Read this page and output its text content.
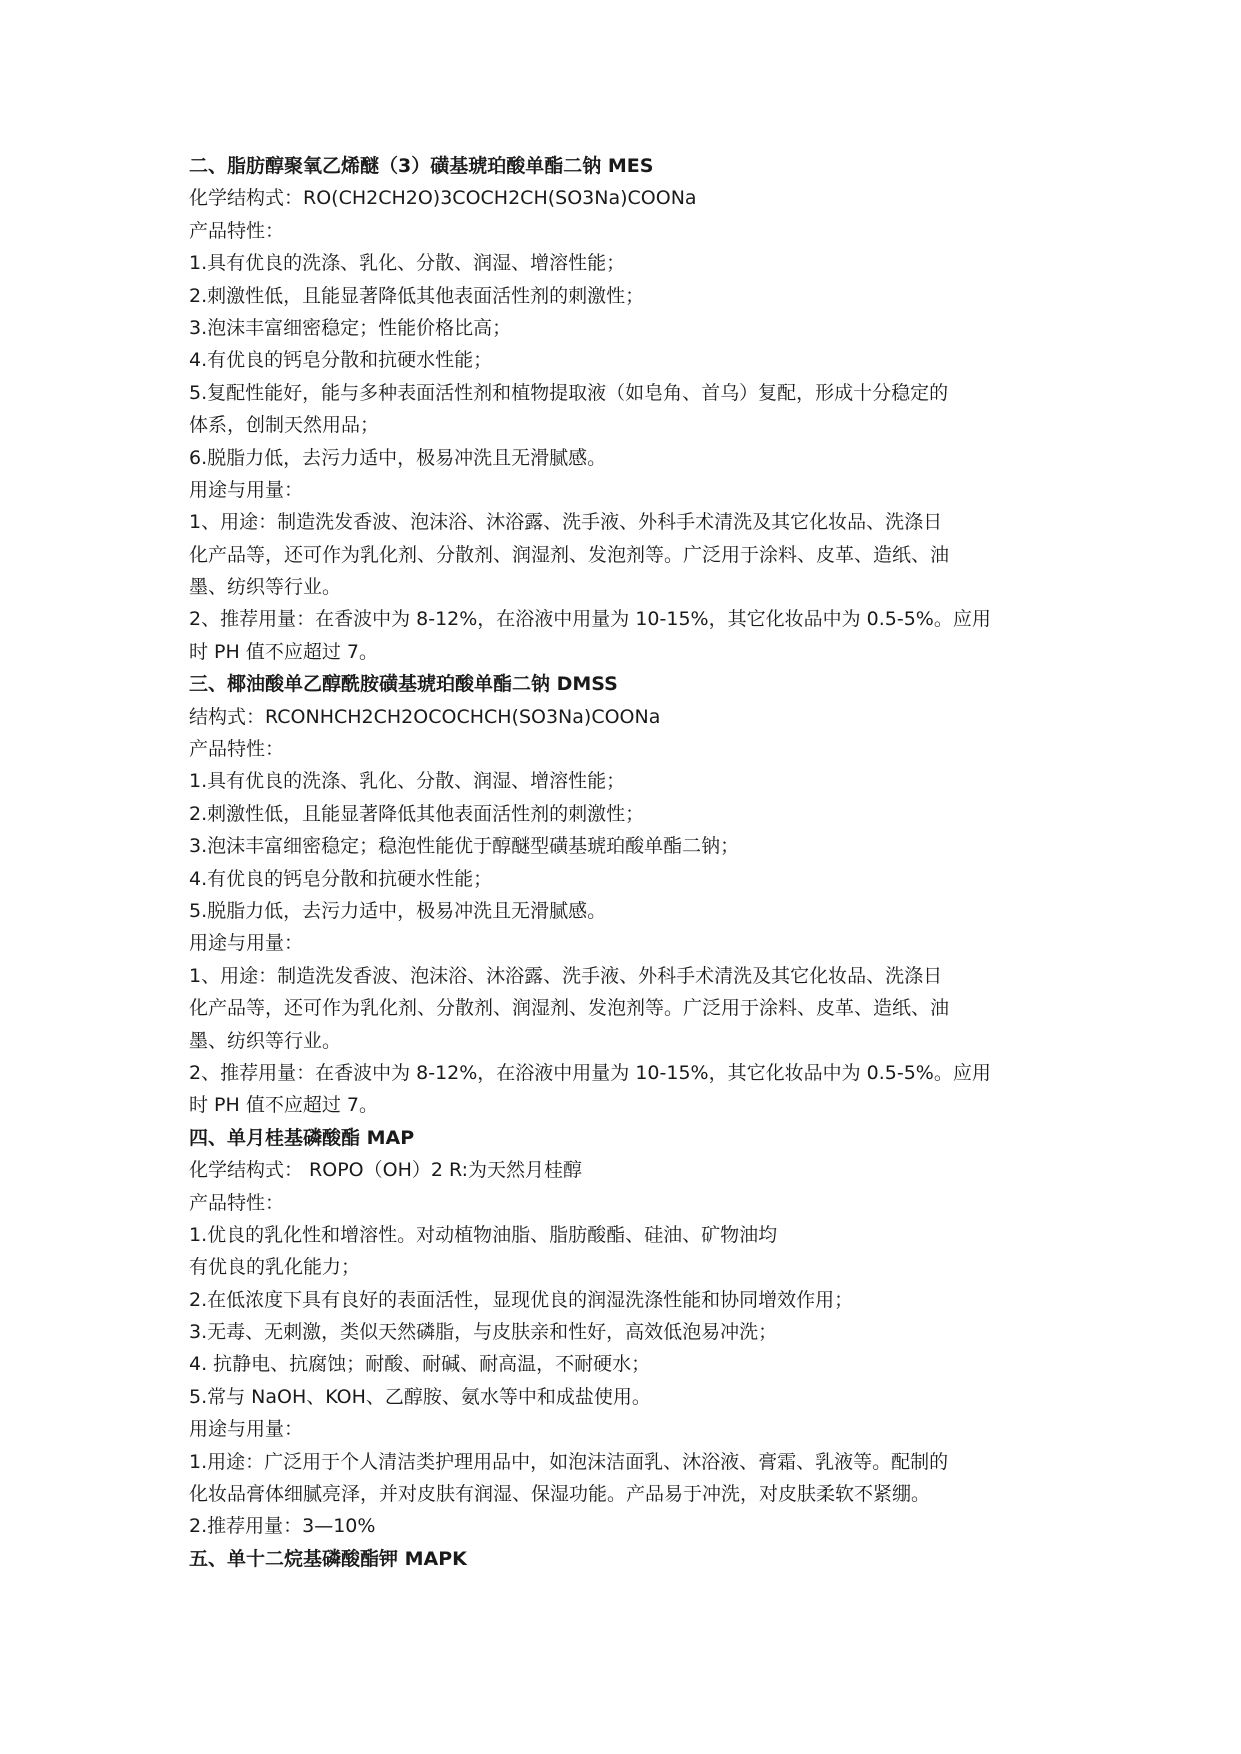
二、脂肪醇聚氧乙烯醚（3）磺基琥珀酸单酯二钠 MES
化学结构式：RO(CH2CH2O)3COCH2CH(SO3Na)COONa
产品特性：
1.具有优良的洗涤、乳化、分散、润湿、增溶性能；
2.刺激性低，且能显著降低其他表面活性剂的刺激性；
3.泡沫丰富细密稳定；性能价格比高；
4.有优良的钙皂分散和抗硬水性能；
5.复配性能好，能与多种表面活性剂和植物提取液（如皂角、首乌）复配，形成十分稳定的
体系，创制天然用品；
6.脱脂力低，去污力适中，极易冲洗且无滑腻感。
用途与用量：
1、用途：制造洗发香波、泡沫浴、沐浴露、洗手液、外科手术清洗及其它化妆品、洗涤日
化产品等，还可作为乳化剂、分散剂、润湿剂、发泡剂等。广泛用于涂料、皮革、造纸、油
墨、纺织等行业。
2、推荐用量：在香波中为 8-12%，在浴液中用量为 10-15%，其它化妆品中为 0.5-5%。应用
时 PH 值不应超过 7。
三、椰油酸单乙醇酰胺磺基琥珀酸单酯二钠 DMSS
结构式：RCONHCH2CH2OCOCHCH(SO3Na)COONa
产品特性：
1.具有优良的洗涤、乳化、分散、润湿、增溶性能；
2.刺激性低，且能显著降低其他表面活性剂的刺激性；
3.泡沫丰富细密稳定；稳泡性能优于醇醚型磺基琥珀酸单酯二钠；
4.有优良的钙皂分散和抗硬水性能；
5.脱脂力低，去污力适中，极易冲洗且无滑腻感。
用途与用量：
1、用途：制造洗发香波、泡沫浴、沐浴露、洗手液、外科手术清洗及其它化妆品、洗涤日
化产品等，还可作为乳化剂、分散剂、润湿剂、发泡剂等。广泛用于涂料、皮革、造纸、油
墨、纺织等行业。
2、推荐用量：在香波中为 8-12%，在浴液中用量为 10-15%，其它化妆品中为 0.5-5%。应用
时 PH 值不应超过 7。
四、单月桂基磷酸酯 MAP
化学结构式： ROPO（OH）2 R:为天然月桂醇
产品特性：
1.优良的乳化性和增溶性。对动植物油脂、脂肪酸酯、硅油、矿物油均
有优良的乳化能力；
2.在低浓度下具有良好的表面活性，显现优良的润湿洗涤性能和协同增效作用；
3.无毒、无刺激，类似天然磷脂，与皮肤亲和性好，高效低泡易冲洗；
4. 抗静电、抗腐蚀；耐酸、耐碱、耐高温，不耐硬水；
5.常与 NaOH、KOH、乙醇胺、氨水等中和成盐使用。
用途与用量：
1.用途：广泛用于个人清洁类护理用品中，如泡沫洁面乳、沐浴液、膏霜、乳液等。配制的
化妆品膏体细腻亮泽，并对皮肤有润湿、保湿功能。产品易于冲洗，对皮肤柔软不紧绷。
2.推荐用量：3—10%
五、单十二烷基磷酸酯钾 MAPK
